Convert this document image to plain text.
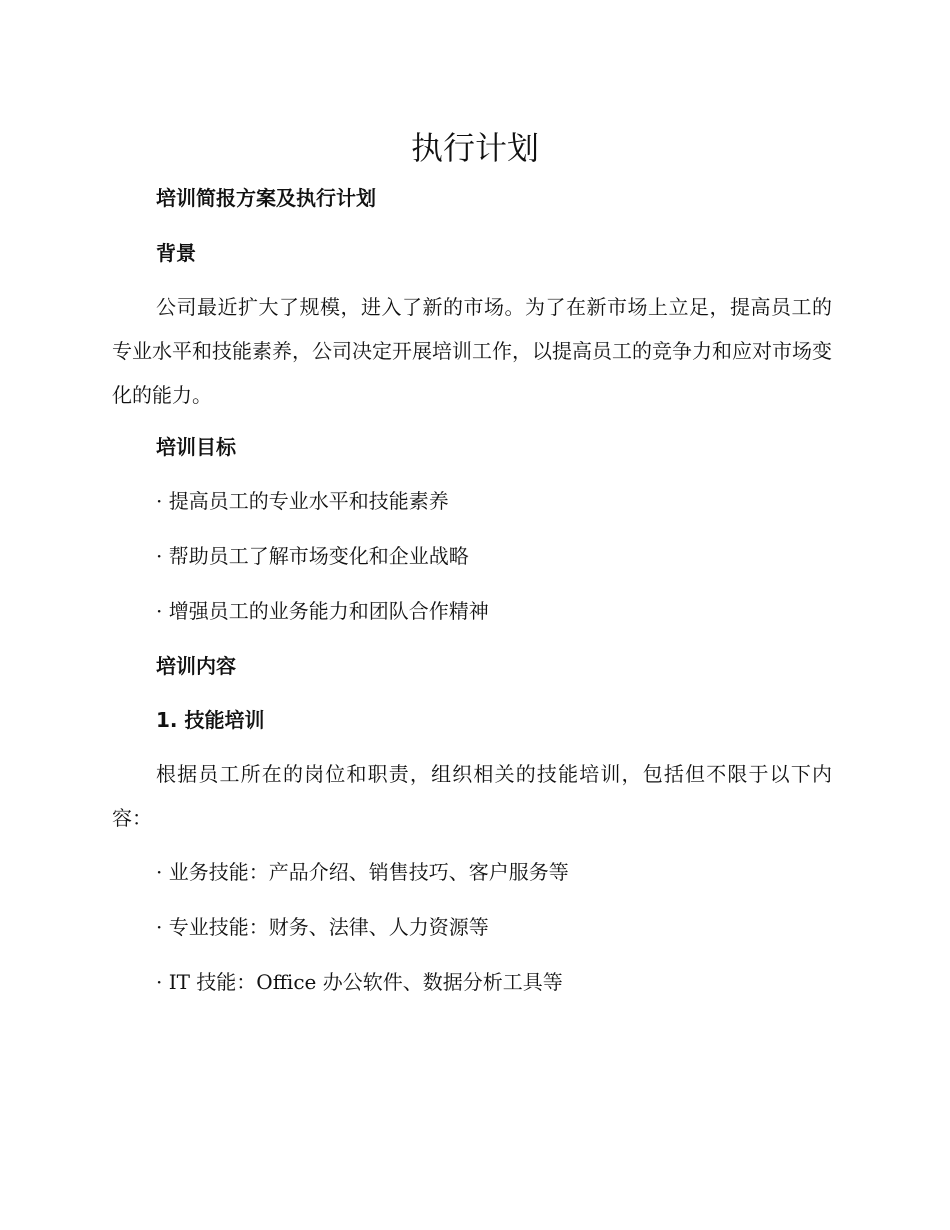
执行计划

培训简报方案及执行计划

背景

公司最近扩大了规模，进入了新的市场。为了在新市场上立足，提高员工的专业水平和技能素养，公司决定开展培训工作，以提高员工的竞争力和应对市场变化的能力。

培训目标

· 提高员工的专业水平和技能素养

· 帮助员工了解市场变化和企业战略

· 增强员工的业务能力和团队合作精神

培训内容

1. 技能培训

根据员工所在的岗位和职责，组织相关的技能培训，包括但不限于以下内容：

· 业务技能：产品介绍、销售技巧、客户服务等

· 专业技能：财务、法律、人力资源等

· IT 技能：Office 办公软件、数据分析工具等
